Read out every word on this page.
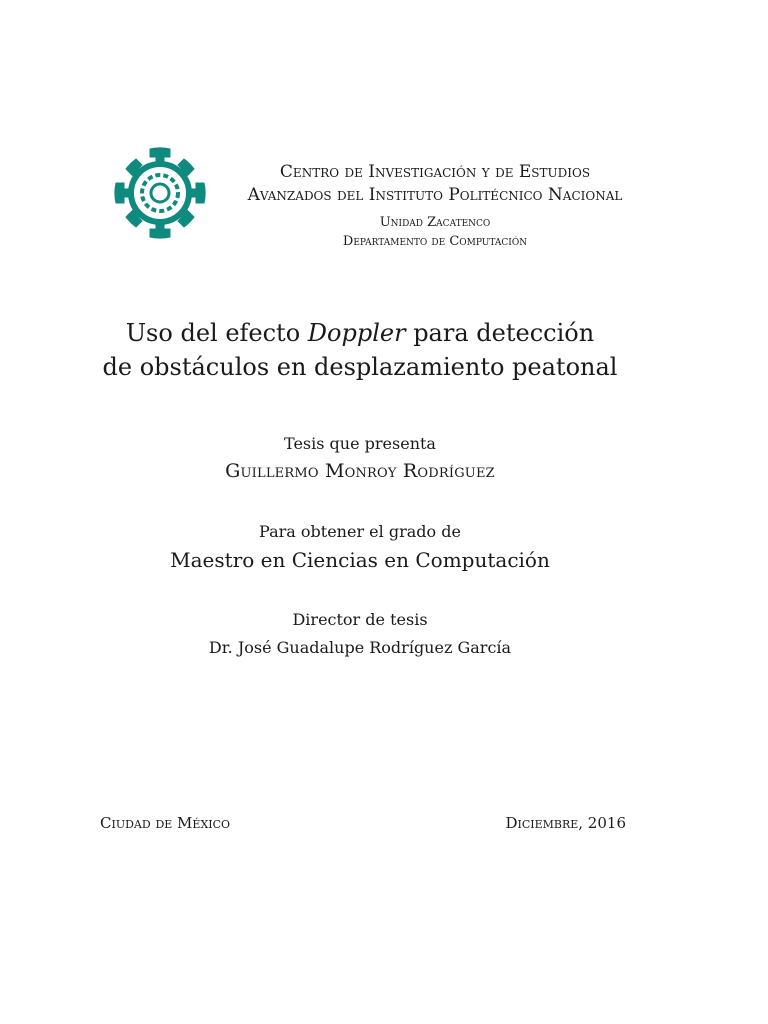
Centro de Investigación y de Estudios
Avanzados del Instituto Politécnico Nacional
Unidad Zacatenco
Departamento de Computación
Uso del efecto Doppler para detección
de obstáculos en desplazamiento peatonal
Tesis que presenta
Guillermo Monroy Rodríguez
Para obtener el grado de
Maestro en Ciencias en Computación
Director de tesis
Dr. José Guadalupe Rodríguez García
Ciudad de México	Diciembre, 2016
